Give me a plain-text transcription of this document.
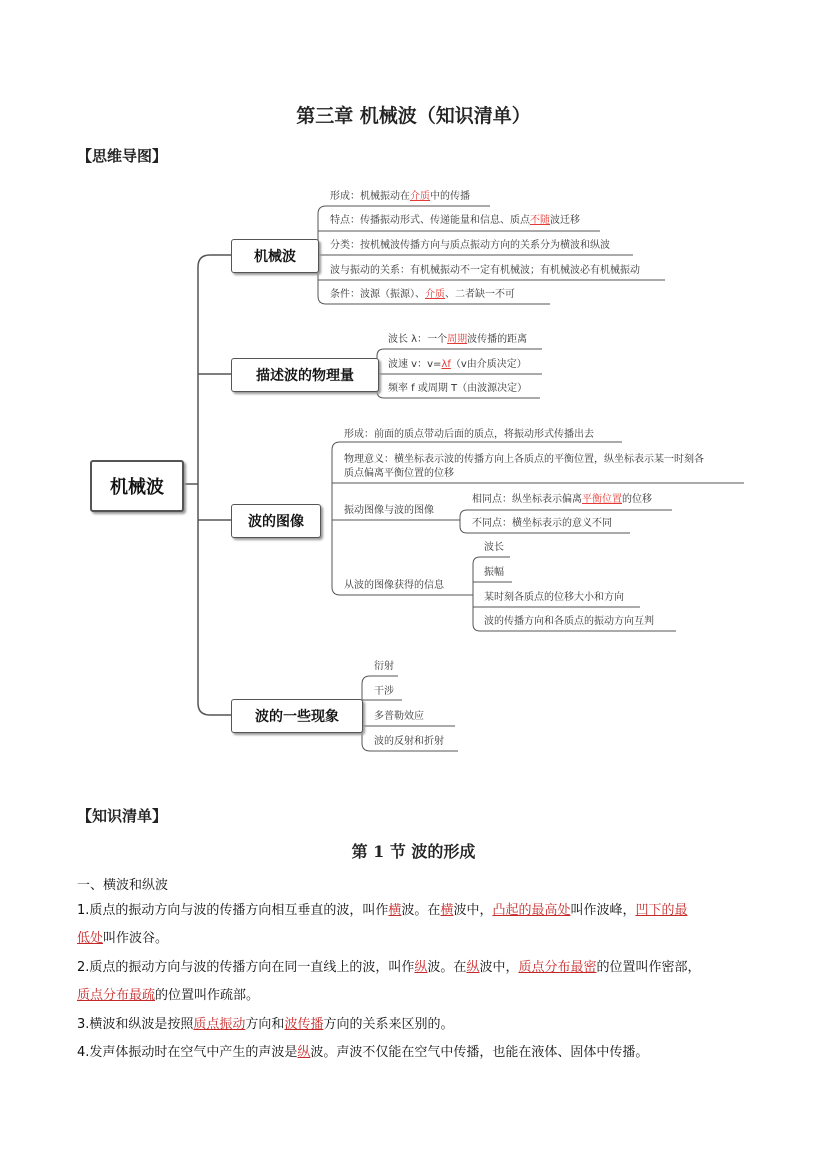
第三章 机械波（知识清单）
【思维导图】
机械波
机械波
描述波的物理量
波的图像
波的一些现象
形成：机械振动在介质中的传播
特点：传播振动形式、传递能量和信息、质点不随波迁移
分类：按机械波传播方向与质点振动方向的关系分为横波和纵波
波与振动的关系：有机械振动不一定有机械波；有机械波必有机械振动
条件：波源（振源）、介质、二者缺一不可
波长 λ：一个周期波传播的距离
波速 v：v=λf（v由介质决定）
频率 f 或周期 T（由波源决定）
形成：前面的质点带动后面的质点，将振动形式传播出去
物理意义：横坐标表示波的传播方向上各质点的平衡位置，纵坐标表示某一时刻各
质点偏离平衡位置的位移
振动图像与波的图像
相同点：纵坐标表示偏离平衡位置的位移
不同点：横坐标表示的意义不同
从波的图像获得的信息
波长
振幅
某时刻各质点的位移大小和方向
波的传播方向和各质点的振动方向互判
衍射
干涉
多普勒效应
波的反射和折射
【知识清单】
第 1 节 波的形成
一、横波和纵波
1.质点的振动方向与波的传播方向相互垂直的波，叫作横波。在横波中，凸起的最高处叫作波峰，凹下的最
低处叫作波谷。
2.质点的振动方向与波的传播方向在同一直线上的波，叫作纵波。在纵波中，质点分布最密的位置叫作密部，
质点分布最疏的位置叫作疏部。
3.横波和纵波是按照质点振动方向和波传播方向的关系来区别的。
4.发声体振动时在空气中产生的声波是纵波。声波不仅能在空气中传播，也能在液体、固体中传播。
